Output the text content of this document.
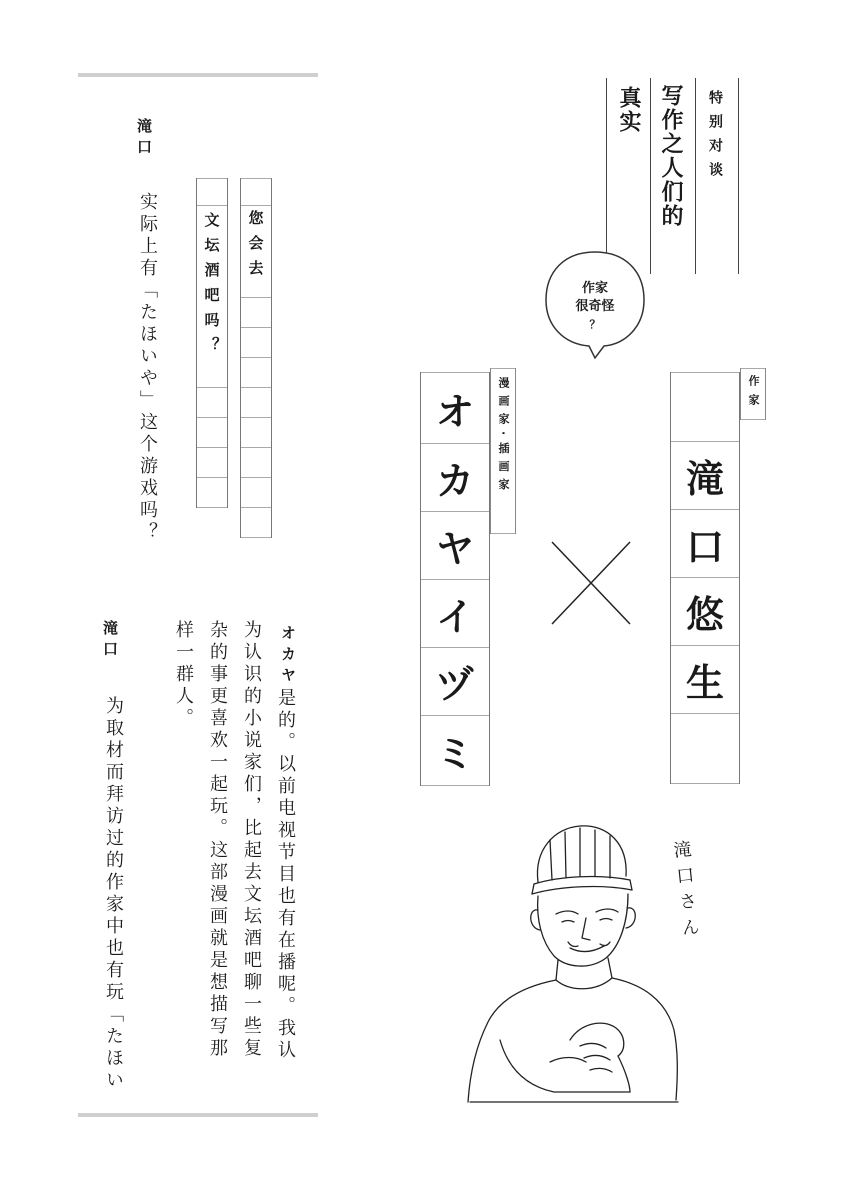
滝口
实际上有「たほいや」这个游戏吗？	您会去
文坛酒吧吗？
オカヤ
是的。以前电视节目也有在播呢。我认为认识的小说家们，比起去文坛酒吧聊一些复杂的事更喜欢一起玩。这部漫画就是想描写那样一群人。
滝口
为取材而拜访过的作家中也有玩「たほい
特别对谈
写作之人们的
真实
作家
很奇怪
？
作家
滝
口
悠
生
漫画家·插画家
オ
カ
ヤ
イ
ヅ
ミ
滝口さん
